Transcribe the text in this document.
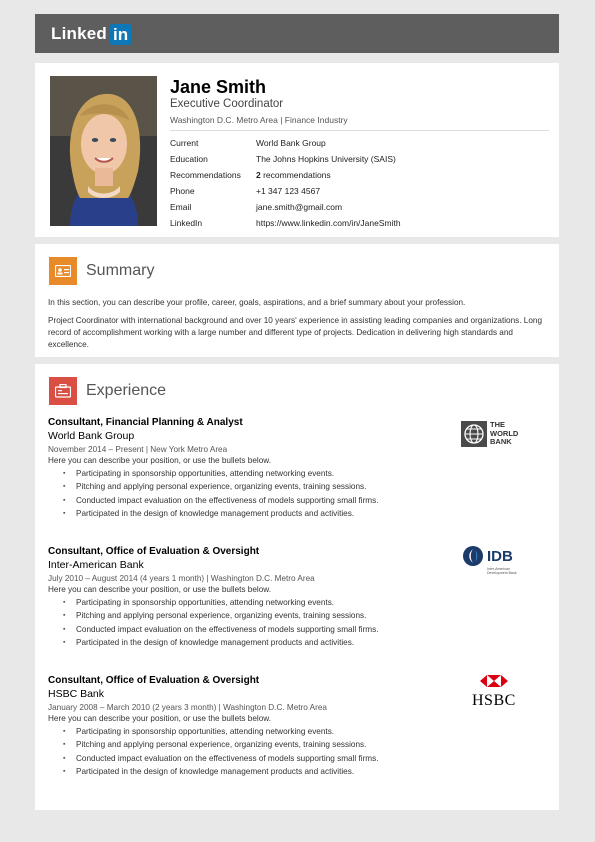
Linked in
Jane Smith
Executive Coordinator
Washington D.C. Metro Area | Finance Industry
Current	World Bank Group
Education	The Johns Hopkins University (SAIS)
Recommendations	2 recommendations
Phone	+1 347 123 4567
Email	jane.smith@gmail.com
LinkedIn	https://www.linkedin.com/in/JaneSmith
Summary
In this section, you can describe your profile, career, goals, aspirations, and a brief summary about your profession.
Project Coordinator with international background and over 10 years' experience in assisting leading companies and organizations. Long record of accomplishment working with a large number and different type of projects. Dedication in delivering high standards and excellence.
Experience
Consultant, Financial Planning & Analyst
World Bank Group
November 2014 – Present | New York Metro Area
Here you can describe your position, or use the bullets below.
▪ Participating in sponsorship opportunities, attending networking events.
▪ Pitching and applying personal experience, organizing events, training sessions.
▪ Conducted impact evaluation on the effectiveness of models supporting small firms.
▪ Participated in the design of knowledge management products and activities.
THE
WORLD
BANK
Consultant, Office of Evaluation & Oversight
Inter-American Bank
July 2010 – August 2014 (4 years 1 month) | Washington D.C. Metro Area
Here you can describe your position, or use the bullets below.
▪ Participating in sponsorship opportunities, attending networking events.
▪ Pitching and applying personal experience, organizing events, training sessions.
▪ Conducted impact evaluation on the effectiveness of models supporting small firms.
▪ Participated in the design of knowledge management products and activities.
IDB
Inter-American
Development Bank
Consultant, Office of Evaluation & Oversight
HSBC Bank
January 2008 – March 2010 (2 years 3 month) | Washington D.C. Metro Area
Here you can describe your position, or use the bullets below.
▪ Participating in sponsorship opportunities, attending networking events.
▪ Pitching and applying personal experience, organizing events, training sessions.
▪ Conducted impact evaluation on the effectiveness of models supporting small firms.
▪ Participated in the design of knowledge management products and activities.
HSBC
